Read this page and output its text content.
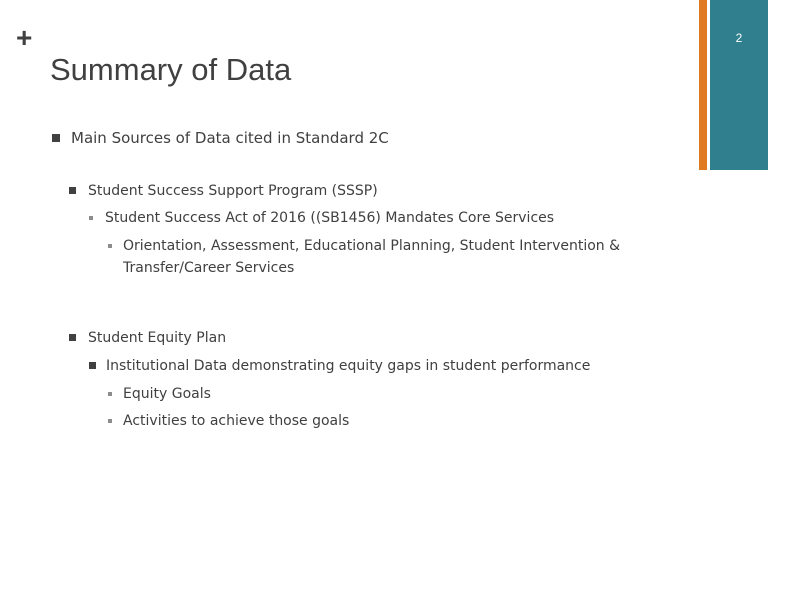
+
Summary of Data
2
Main Sources of Data cited in Standard 2C
Student Success Support Program (SSSP)
Student Success Act of 2016 ((SB1456) Mandates Core Services
Orientation, Assessment, Educational Planning, Student Intervention & Transfer/Career Services
Student Equity Plan
Institutional Data demonstrating equity gaps in student performance
Equity Goals
Activities to achieve those goals
